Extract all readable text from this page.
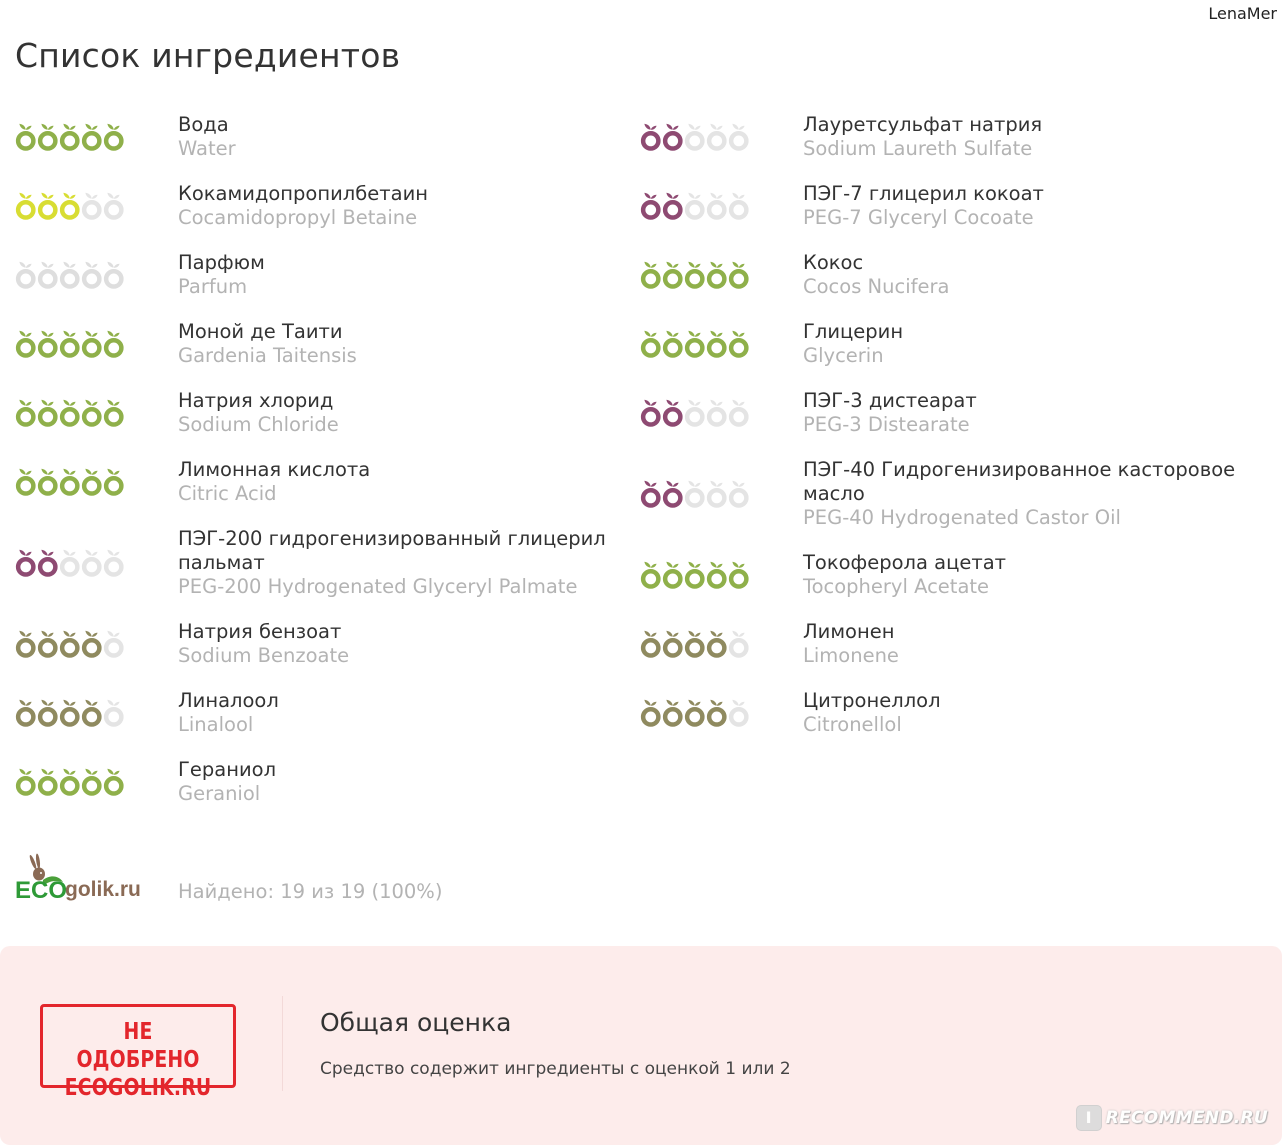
LenaMer
Список ингредиентов
Вода
Water
Кокамидопропилбетаин
Cocamidopropyl Betaine
Парфюм
Parfum
Моной де Таити
Gardenia Taitensis
Натрия хлорид
Sodium Chloride
Лимонная кислота
Citric Acid
ПЭГ-200 гидрогенизированный глицерил пальмат
PEG-200 Hydrogenated Glyceryl Palmate
Натрия бензоат
Sodium Benzoate
Линалоол
Linalool
Гераниол
Geraniol
Лауретсульфат натрия
Sodium Laureth Sulfate
ПЭГ-7 глицерил кокоат
PEG-7 Glyceryl Cocoate
Кокос
Cocos Nucifera
Глицерин
Glycerin
ПЭГ-3 дистеарат
PEG-3 Distearate
ПЭГ-40 Гидрогенизированное касторовое масло
PEG-40 Hydrogenated Castor Oil
Токоферола ацетат
Tocopheryl Acetate
Лимонен
Limonene
Цитронеллол
Citronellol
ECO
golik.ru Найдено: 19 из 19 (100%)
НЕ ОДОБРЕНО
ECOGOLIK.RU
Общая оценка
Средство содержит ингредиенты с оценкой 1 или 2
I RECOMMEND.RU
